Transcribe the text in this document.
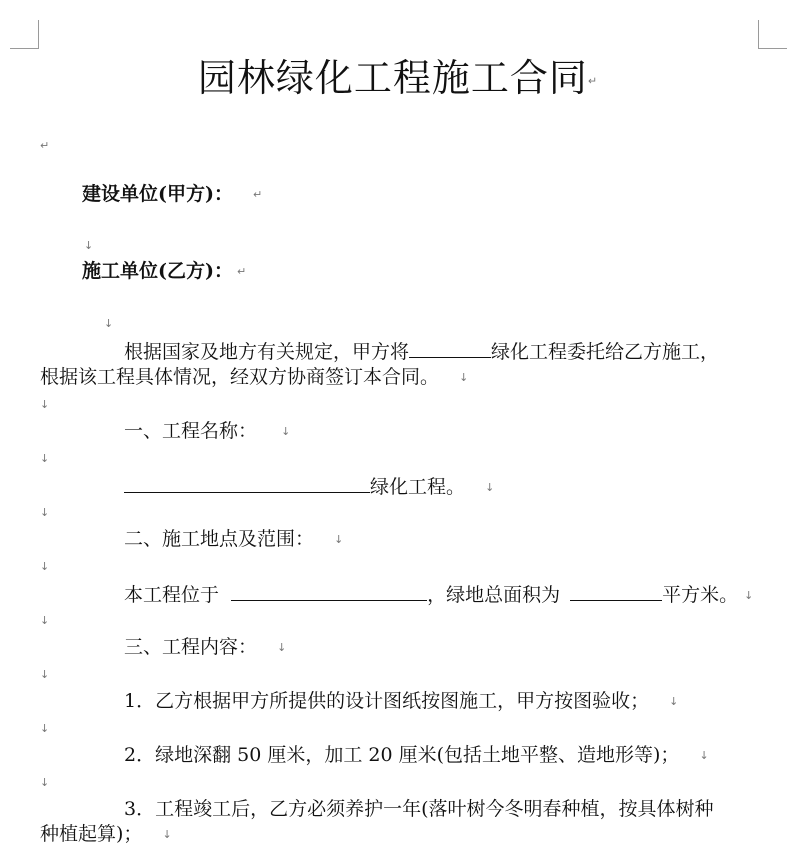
园林绿化工程施工合同↵
↵
建设单位(甲方)： ↵
↓
施工单位(乙方)： ↵
↓
根据国家及地方有关规定，甲方将	绿化工程委托给乙方施工，
根据该工程具体情况，经双方协商签订本合同。 ↓
↓
一、工程名称： ↓
↓
绿化工程。 ↓
↓
二、施工地点及范围： ↓
↓
本工程位于	，绿地总面积为	平方米。 ↓
↓
三、工程内容： ↓
↓
1．乙方根据甲方所提供的设计图纸按图施工，甲方按图验收； ↓
↓
2．绿地深翻 50 厘米，加工 20 厘米(包括土地平整、造地形等)； ↓
↓
3．工程竣工后，乙方必须养护一年(落叶树今冬明春种植，按具体树种
种植起算)； ↓
